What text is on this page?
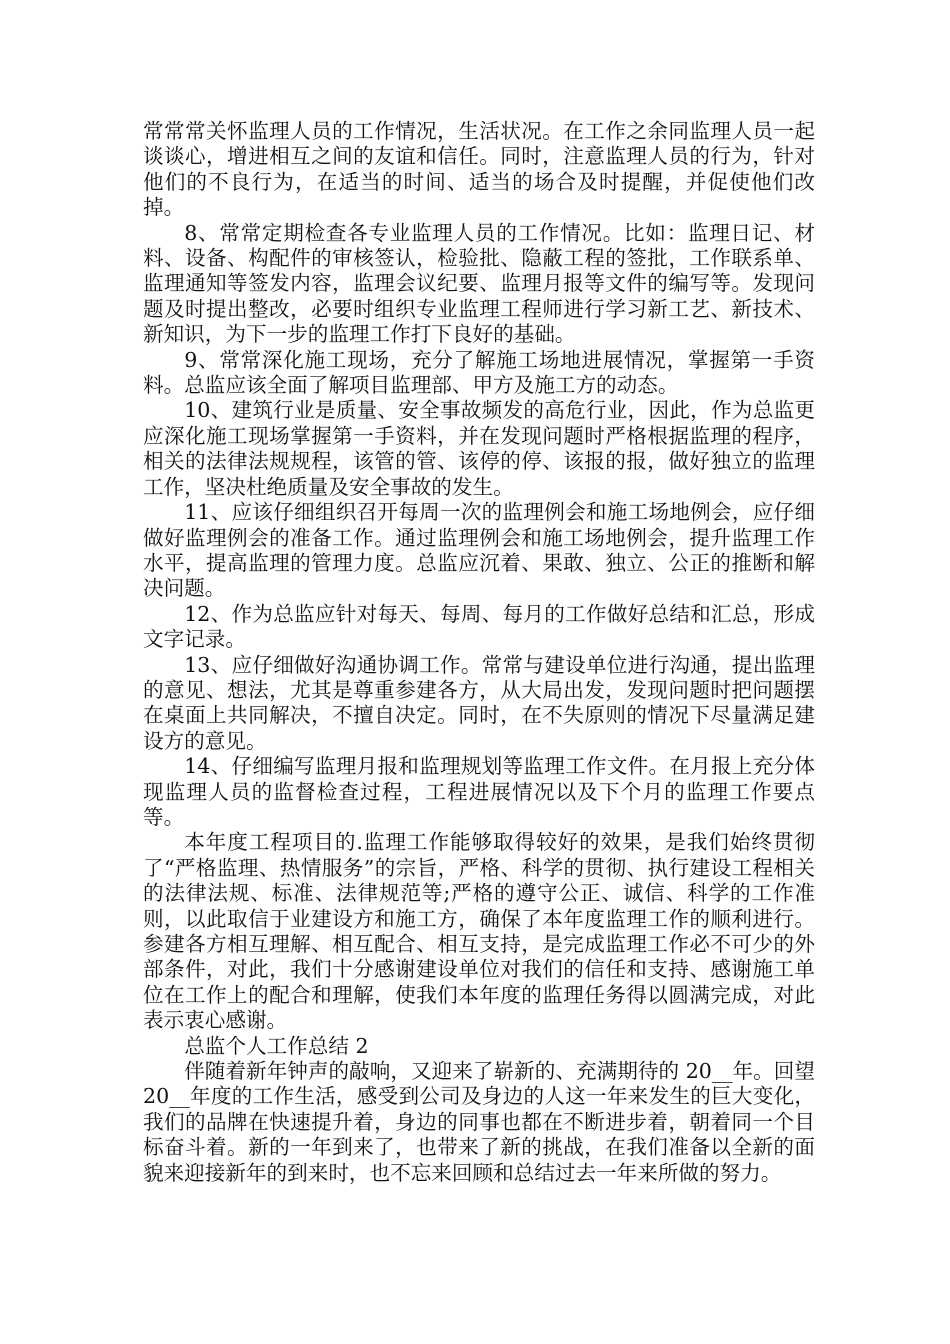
常常常关怀监理人员的工作情况，生活状况。在工作之余同监理人员一起谈谈心，增进相互之间的友谊和信任。同时，注意监理人员的行为，针对他们的不良行为，在适当的时间、适当的场合及时提醒，并促使他们改掉。

8、常常定期检查各专业监理人员的工作情况。比如：监理日记、材料、设备、构配件的审核签认，检验批、隐蔽工程的签批，工作联系单、监理通知等签发内容，监理会议纪要、监理月报等文件的编写等。发现问题及时提出整改，必要时组织专业监理工程师进行学习新工艺、新技术、新知识，为下一步的监理工作打下良好的基础。

9、常常深化施工现场，充分了解施工场地进展情况，掌握第一手资料。总监应该全面了解项目监理部、甲方及施工方的动态。

10、建筑行业是质量、安全事故频发的高危行业，因此，作为总监更应深化施工现场掌握第一手资料，并在发现问题时严格根据监理的程序，相关的法律法规规程，该管的管、该停的停、该报的报，做好独立的监理工作，坚决杜绝质量及安全事故的发生。

11、应该仔细组织召开每周一次的监理例会和施工场地例会，应仔细做好监理例会的准备工作。通过监理例会和施工场地例会，提升监理工作水平，提高监理的管理力度。总监应沉着、果敢、独立、公正的推断和解决问题。

12、作为总监应针对每天、每周、每月的工作做好总结和汇总，形成文字记录。

13、应仔细做好沟通协调工作。常常与建设单位进行沟通，提出监理的意见、想法，尤其是尊重参建各方，从大局出发，发现问题时把问题摆在桌面上共同解决，不擅自决定。同时，在不失原则的情况下尽量满足建设方的意见。

14、仔细编写监理月报和监理规划等监理工作文件。在月报上充分体现监理人员的监督检查过程，工程进展情况以及下个月的监理工作要点等。

本年度工程项目的.监理工作能够取得较好的效果，是我们始终贯彻了“严格监理、热情服务”的宗旨，严格、科学的贯彻、执行建设工程相关的法律法规、标准、法律规范等;严格的遵守公正、诚信、科学的工作准则，以此取信于业建设方和施工方，确保了本年度监理工作的顺利进行。参建各方相互理解、相互配合、相互支持，是完成监理工作必不可少的外部条件，对此，我们十分感谢建设单位对我们的信任和支持、感谢施工单位在工作上的配合和理解，使我们本年度的监理任务得以圆满完成，对此表示衷心感谢。

总监个人工作总结 2

伴随着新年钟声的敲响，又迎来了崭新的、充满期待的 20__年。回望 20__年度的工作生活，感受到公司及身边的人这一年来发生的巨大变化，我们的品牌在快速提升着，身边的同事也都在不断进步着，朝着同一个目标奋斗着。新的一年到来了，也带来了新的挑战，在我们准备以全新的面貌来迎接新年的到来时，也不忘来回顾和总结过去一年来所做的努力。
